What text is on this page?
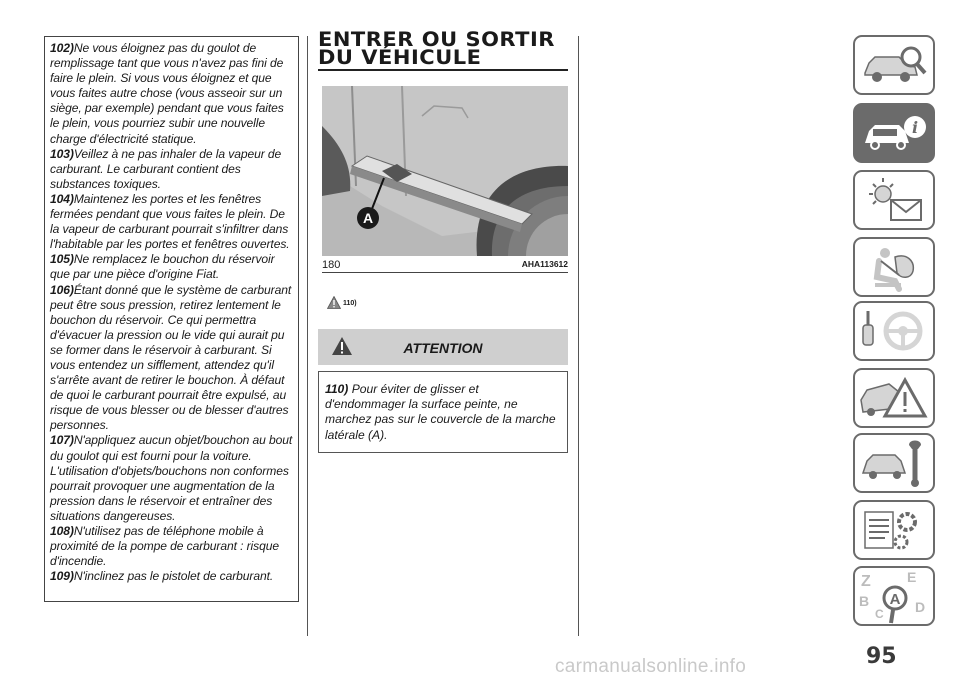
102)Ne vous éloignez pas du goulot de remplissage tant que vous n'avez pas fini de faire le plein. Si vous vous éloignez et que vous faites autre chose (vous asseoir sur un siège, par exemple) pendant que vous faites le plein, vous pourriez subir une nouvelle charge d'électricité statique.

103)Veillez à ne pas inhaler de la vapeur de carburant. Le carburant contient des substances toxiques.

104)Maintenez les portes et les fenêtres fermées pendant que vous faites le plein. De la vapeur de carburant pourrait s'infiltrer dans l'habitable par les portes et fenêtres ouvertes.

105)Ne remplacez le bouchon du réservoir que par une pièce d'origine Fiat.

106)Étant donné que le système de carburant peut être sous pression, retirez lentement le bouchon du réservoir. Ce qui permettra d'évacuer la pression ou le vide qui aurait pu se former dans le réservoir à carburant. Si vous entendez un sifflement, attendez qu'il s'arrête avant de retirer le bouchon. À défaut de quoi le carburant pourrait être expulsé, au risque de vous blesser ou de blesser d'autres personnes.

107)N'appliquez aucun objet/bouchon au bout du goulot qui est fourni pour la voiture. L'utilisation d'objets/bouchons non conformes pourrait provoquer une augmentation de la pression dans le réservoir et entraîner des situations dangereuses.

108)N'utilisez pas de téléphone mobile à proximité de la pompe de carburant : risque d'incendie.

109)N'inclinez pas le pistolet de carburant.

ENTRER OU SORTIR
DU VÉHICULE
A
180	AHA113612
110)
ATTENTION
110) Pour éviter de glisser et d'endommager la surface peinte, ne marchez pas sur le couvercle de la marche latérale (A).
i
Z	E
B	D
C
A
95
carmanualsonline.info
